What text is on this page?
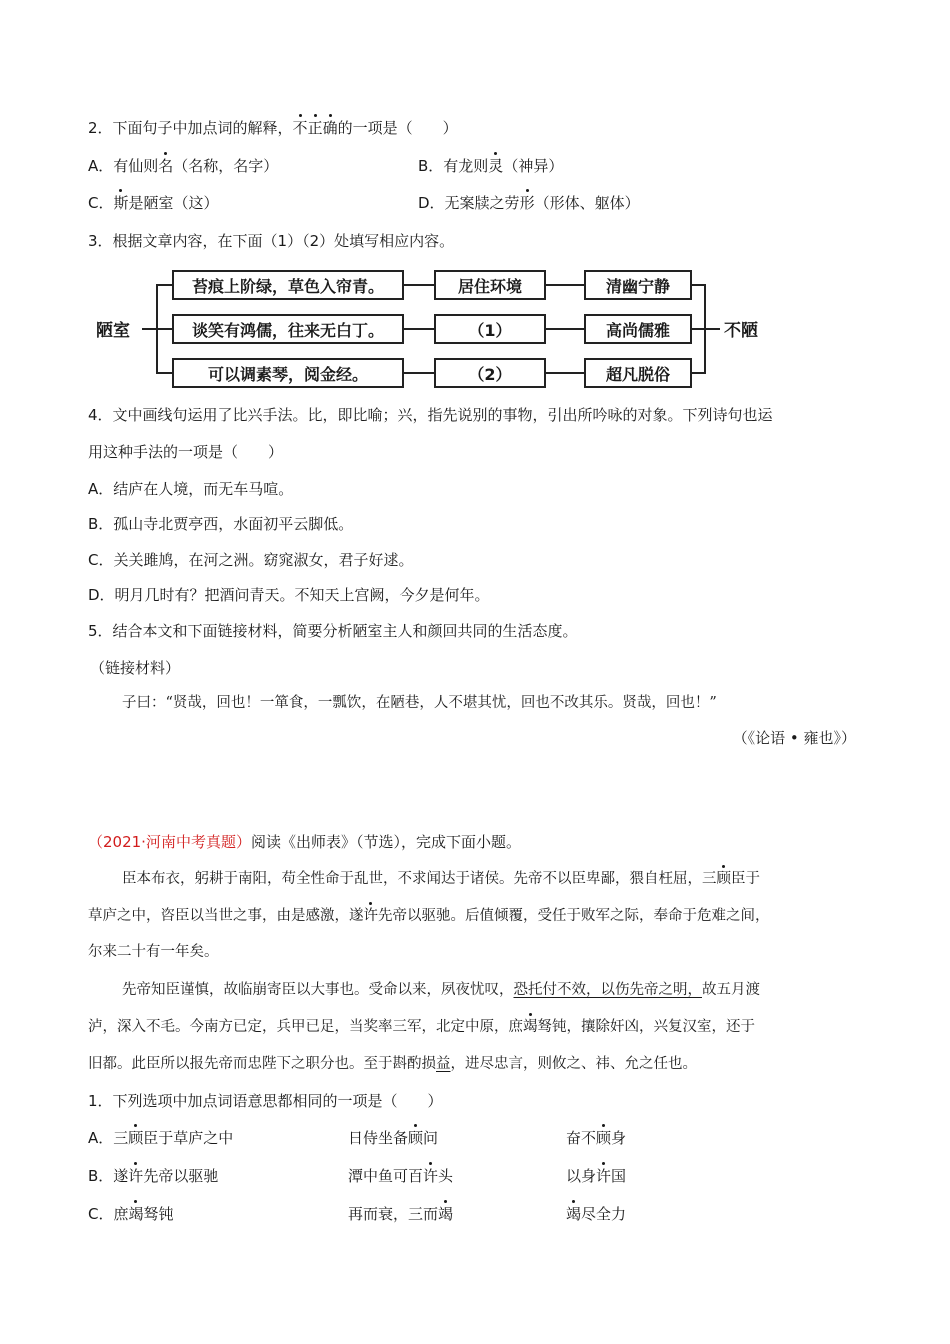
2．下面句子中加点词的解释，不正确的一项是（　　）
A．有仙则名（名称，名字）	B．有龙则灵（神异）
C．斯是陋室（这）	D．无案牍之劳形（形体、躯体）
3．根据文章内容，在下面（1）（2）处填写相应内容。
陋室
苔痕上阶绿，草色入帘青。	居住环境	清幽宁静
谈笑有鸿儒，往来无白丁。	（1）	高尚儒雅
可以调素琴，阅金经。	（2）	超凡脱俗
不陋
4．文中画线句运用了比兴手法。比，即比喻；兴，指先说别的事物，引出所吟咏的对象。下列诗句也运
用这种手法的一项是（　　）
A．结庐在人境，而无车马喧。
B．孤山寺北贾亭西，水面初平云脚低。
C．关关雎鸠，在河之洲。窈窕淑女，君子好逑。
D．明月几时有？把酒问青天。不知天上宫阙，今夕是何年。
5．结合本文和下面链接材料，简要分析陋室主人和颜回共同的生活态度。
（链接材料）
子曰：“贤哉，回也！一箪食，一瓢饮，在陋巷，人不堪其忧，回也不改其乐。贤哉，回也！”
（《论语 • 雍也》）
（2021·河南中考真题）阅读《出师表》（节选），完成下面小题。
臣本布衣，躬耕于南阳，苟全性命于乱世，不求闻达于诸侯。先帝不以臣卑鄙，猥自枉屈，三顾臣于
草庐之中，咨臣以当世之事，由是感激，遂许先帝以驱驰。后值倾覆，受任于败军之际，奉命于危难之间，
尔来二十有一年矣。
先帝知臣谨慎，故临崩寄臣以大事也。受命以来，夙夜忧叹，恐托付不效，以伤先帝之明，故五月渡
泸，深入不毛。今南方已定，兵甲已足，当奖率三军，北定中原，庶竭驽钝，攘除奸凶，兴复汉室，还于
旧都。此臣所以报先帝而忠陛下之职分也。至于斟酌损益，进尽忠言，则攸之、祎、允之任也。
1．下列选项中加点词语意思都相同的一项是（　　）
A．三顾臣于草庐之中	日侍坐备顾问	奋不顾身
B．遂许先帝以驱驰	潭中鱼可百许头	以身许国
C．庶竭驽钝	再而衰，三而竭	竭尽全力
